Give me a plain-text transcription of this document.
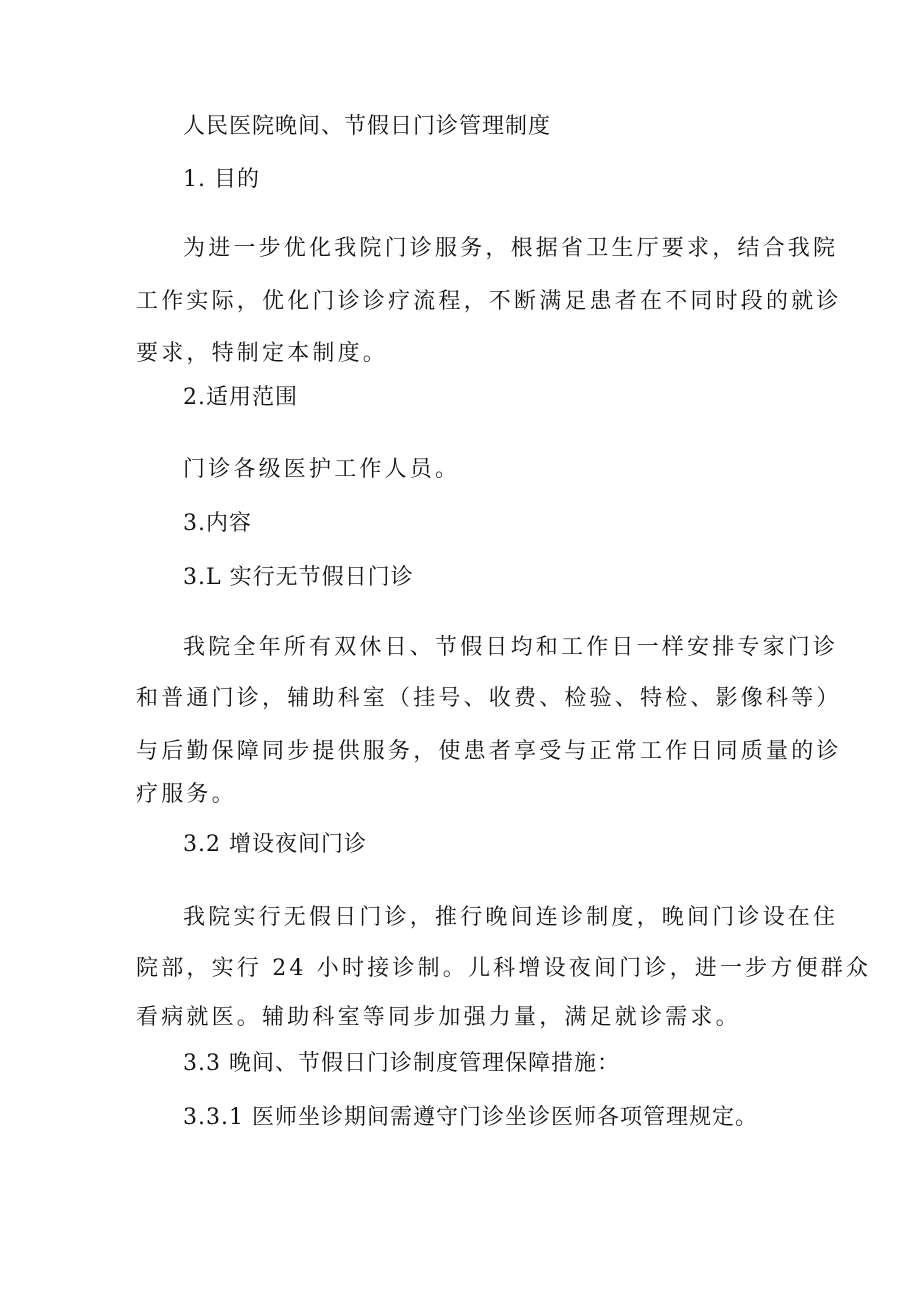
人民医院晚间、节假日门诊管理制度

1. 目的

为进一步优化我院门诊服务，根据省卫生厅要求，结合我院

工作实际，优化门诊诊疗流程，不断满足患者在不同时段的就诊

要求，特制定本制度。

2.适用范围

门诊各级医护工作人员。

3.内容

3.L 实行无节假日门诊

我院全年所有双休日、节假日均和工作日一样安排专家门诊

和普通门诊，辅助科室（挂号、收费、检验、特检、影像科等）

与后勤保障同步提供服务，使患者享受与正常工作日同质量的诊

疗服务。

3.2 增设夜间门诊

我院实行无假日门诊，推行晚间连诊制度，晚间门诊设在住

院部，实行 24 小时接诊制。儿科增设夜间门诊，进一步方便群众

看病就医。辅助科室等同步加强力量，满足就诊需求。

3.3 晚间、节假日门诊制度管理保障措施：

3.3.1 医师坐诊期间需遵守门诊坐诊医师各项管理规定。
